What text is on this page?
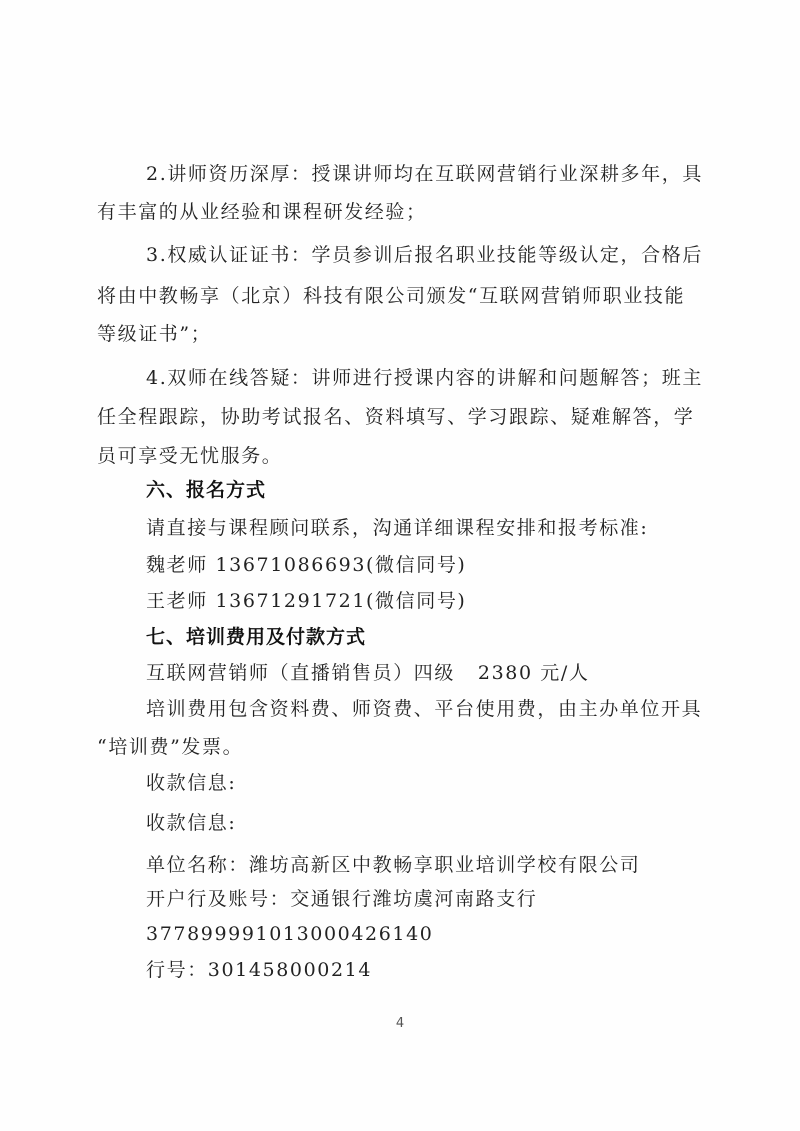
2.讲师资历深厚：授课讲师均在互联网营销行业深耕多年，具
有丰富的从业经验和课程研发经验；
3.权威认证证书：学员参训后报名职业技能等级认定，合格后
将由中教畅享（北京）科技有限公司颁发“互联网营销师职业技能
等级证书”；
4.双师在线答疑：讲师进行授课内容的讲解和问题解答；班主
任全程跟踪，协助考试报名、资料填写、学习跟踪、疑难解答，学
员可享受无忧服务。
六、报名方式
请直接与课程顾问联系，沟通详细课程安排和报考标准:
魏老师 13671086693(微信同号)
王老师 13671291721(微信同号)
七、培训费用及付款方式
互联网营销师（直播销售员）四级   2380 元/人
培训费用包含资料费、师资费、平台使用费，由主办单位开具
“培训费”发票。
收款信息:
收款信息:
单位名称：潍坊高新区中教畅享职业培训学校有限公司
开户行及账号：交通银行潍坊虞河南路支行
377899991013000426140
行号：301458000214
4
